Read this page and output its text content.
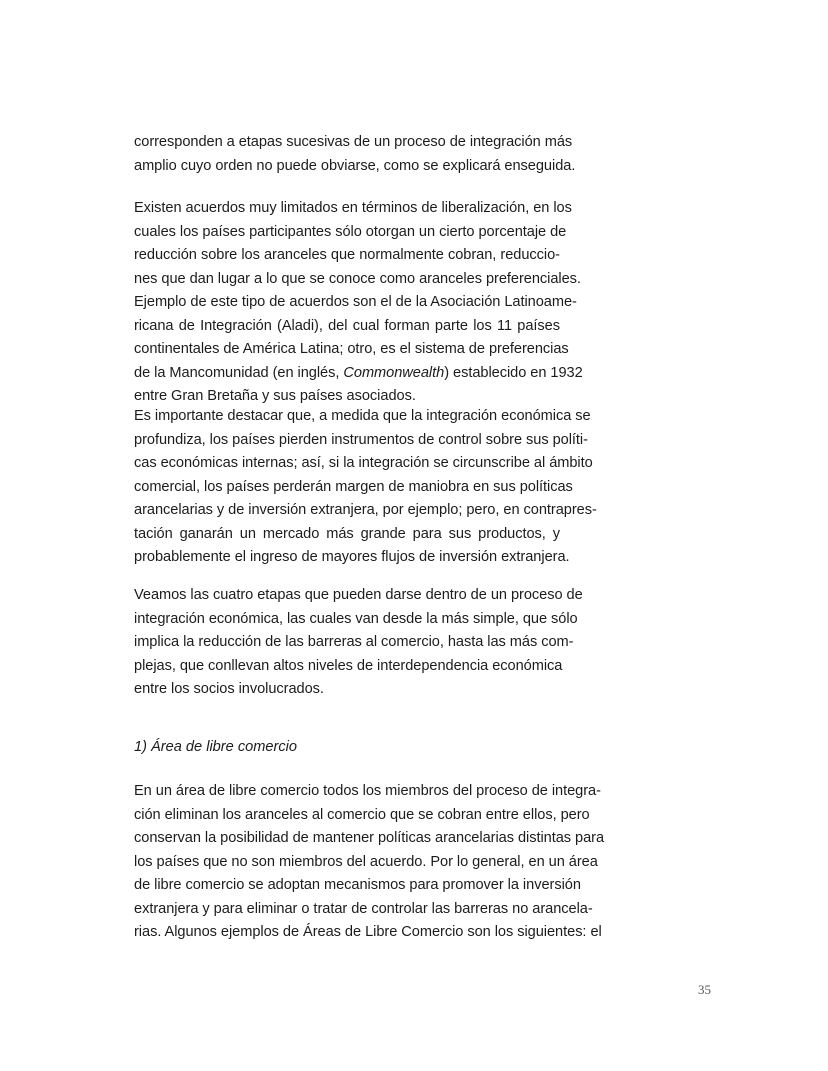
corresponden a etapas sucesivas de un proceso de integración más
amplio cuyo orden no puede obviarse, como se explicará enseguida.
Existen acuerdos muy limitados en términos de liberalización, en los
cuales los países participantes sólo otorgan un cierto porcentaje de
reducción sobre los aranceles que normalmente cobran, reduccio-
nes que dan lugar a lo que se conoce como aranceles preferenciales.
Ejemplo de este tipo de acuerdos son el de la Asociación Latinoame-
ricana de Integración (Aladi), del cual forman parte los 11 países
continentales de América Latina; otro, es el sistema de preferencias
de la Mancomunidad (en inglés, Commonwealth) establecido en 1932
entre Gran Bretaña y sus países asociados.
Es importante destacar que, a medida que la integración económica se
profundiza, los países pierden instrumentos de control sobre sus políti-
cas económicas internas; así, si la integración se circunscribe al ámbito
comercial, los países perderán margen de maniobra en sus políticas
arancelarias y de inversión extranjera, por ejemplo; pero, en contrapres-
tación ganarán un mercado más grande para sus productos, y
probablemente el ingreso de mayores flujos de inversión extranjera.
Veamos las cuatro etapas que pueden darse dentro de un proceso de
integración económica, las cuales van desde la más simple, que sólo
implica la reducción de las barreras al comercio, hasta las más com-
plejas, que conllevan altos niveles de interdependencia económica
entre los socios involucrados.
1) Área de libre comercio
En un área de libre comercio todos los miembros del proceso de integra-
ción eliminan los aranceles al comercio que se cobran entre ellos, pero
conservan la posibilidad de mantener políticas arancelarias distintas para
los países que no son miembros del acuerdo. Por lo general, en un área
de libre comercio se adoptan mecanismos para promover la inversión
extranjera y para eliminar o tratar de controlar las barreras no arancela-
rias. Algunos ejemplos de Áreas de Libre Comercio son los siguientes: el
35
